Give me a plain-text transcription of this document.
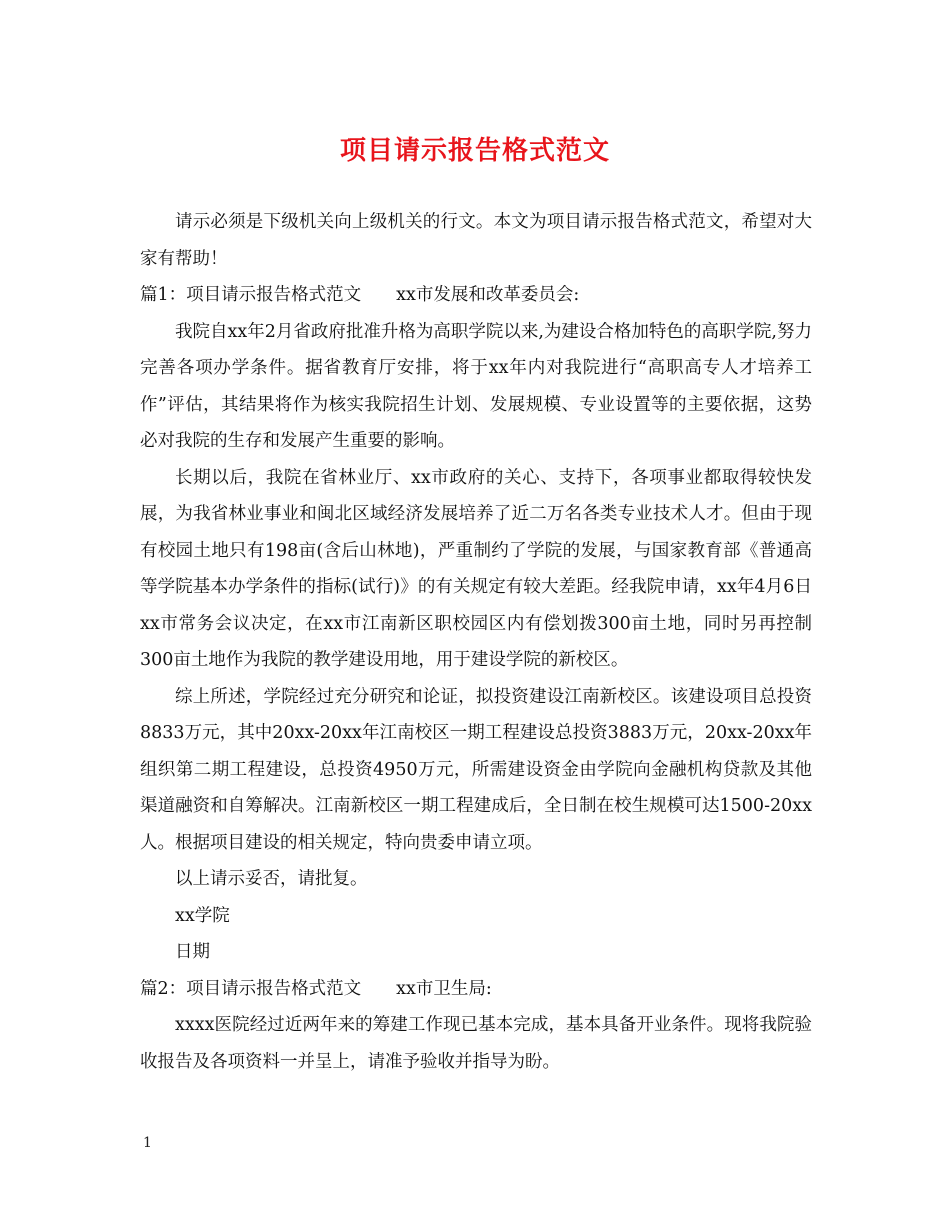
项目请示报告格式范文

请示必须是下级机关向上级机关的行文。本文为项目请示报告格式范文，希望对大家有帮助！

篇1：项目请示报告格式范文 xx市发展和改革委员会:

我院自xx年2月省政府批准升格为高职学院以来,为建设合格加特色的高职学院,努力完善各项办学条件。据省教育厅安排，将于xx年内对我院进行“高职高专人才培养工作”评估，其结果将作为核实我院招生计划、发展规模、专业设置等的主要依据，这势必对我院的生存和发展产生重要的影响。

长期以后，我院在省林业厅、xx市政府的关心、支持下，各项事业都取得较快发展，为我省林业事业和闽北区域经济发展培养了近二万名各类专业技术人才。但由于现有校园土地只有198亩(含后山林地)，严重制约了学院的发展，与国家教育部《普通高等学院基本办学条件的指标(试行)》的有关规定有较大差距。经我院申请，xx年4月6日xx市常务会议决定，在xx市江南新区职校园区内有偿划拨300亩土地，同时另再控制300亩土地作为我院的教学建设用地，用于建设学院的新校区。

综上所述，学院经过充分研究和论证，拟投资建设江南新校区。该建设项目总投资8833万元，其中20xx-20xx年江南校区一期工程建设总投资3883万元，20xx-20xx年组织第二期工程建设，总投资4950万元，所需建设资金由学院向金融机构贷款及其他渠道融资和自筹解决。江南新校区一期工程建成后，全日制在校生规模可达1500-20xx人。根据项目建设的相关规定，特向贵委申请立项。

以上请示妥否，请批复。

xx学院

日期

篇2：项目请示报告格式范文 xx市卫生局:

xxxx医院经过近两年来的筹建工作现已基本完成，基本具备开业条件。现将我院验收报告及各项资料一并呈上，请准予验收并指导为盼。

1
